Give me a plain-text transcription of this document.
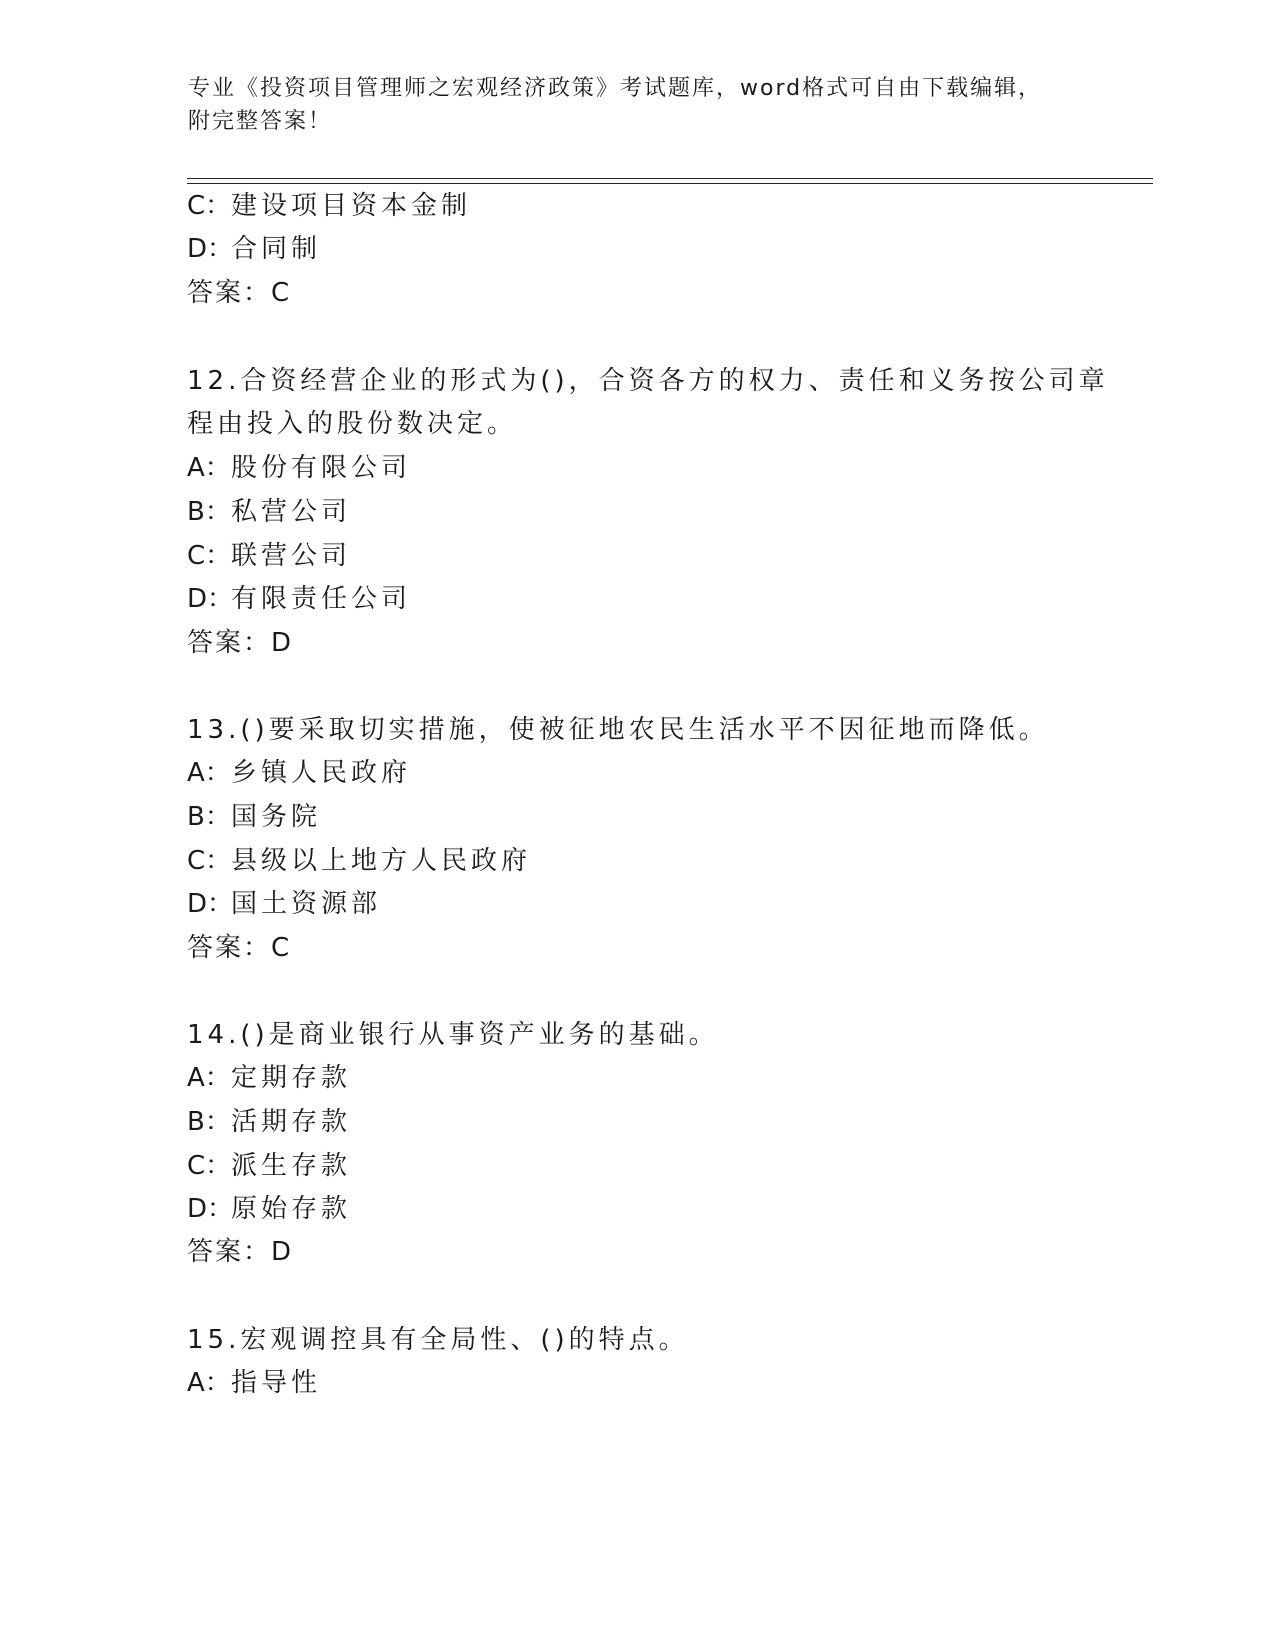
专业《投资项目管理师之宏观经济政策》考试题库，word格式可自由下载编辑，
附完整答案！
C：建设项目资本金制
D：合同制
答案：C
12.合资经营企业的形式为()，合资各方的权力、责任和义务按公司章
程由投入的股份数决定。
A：股份有限公司
B：私营公司
C：联营公司
D：有限责任公司
答案：D
13.()要采取切实措施，使被征地农民生活水平不因征地而降低。
A：乡镇人民政府
B：国务院
C：县级以上地方人民政府
D：国土资源部
答案：C
14.()是商业银行从事资产业务的基础。
A：定期存款
B：活期存款
C：派生存款
D：原始存款
答案：D
15.宏观调控具有全局性、()的特点。
A：指导性
